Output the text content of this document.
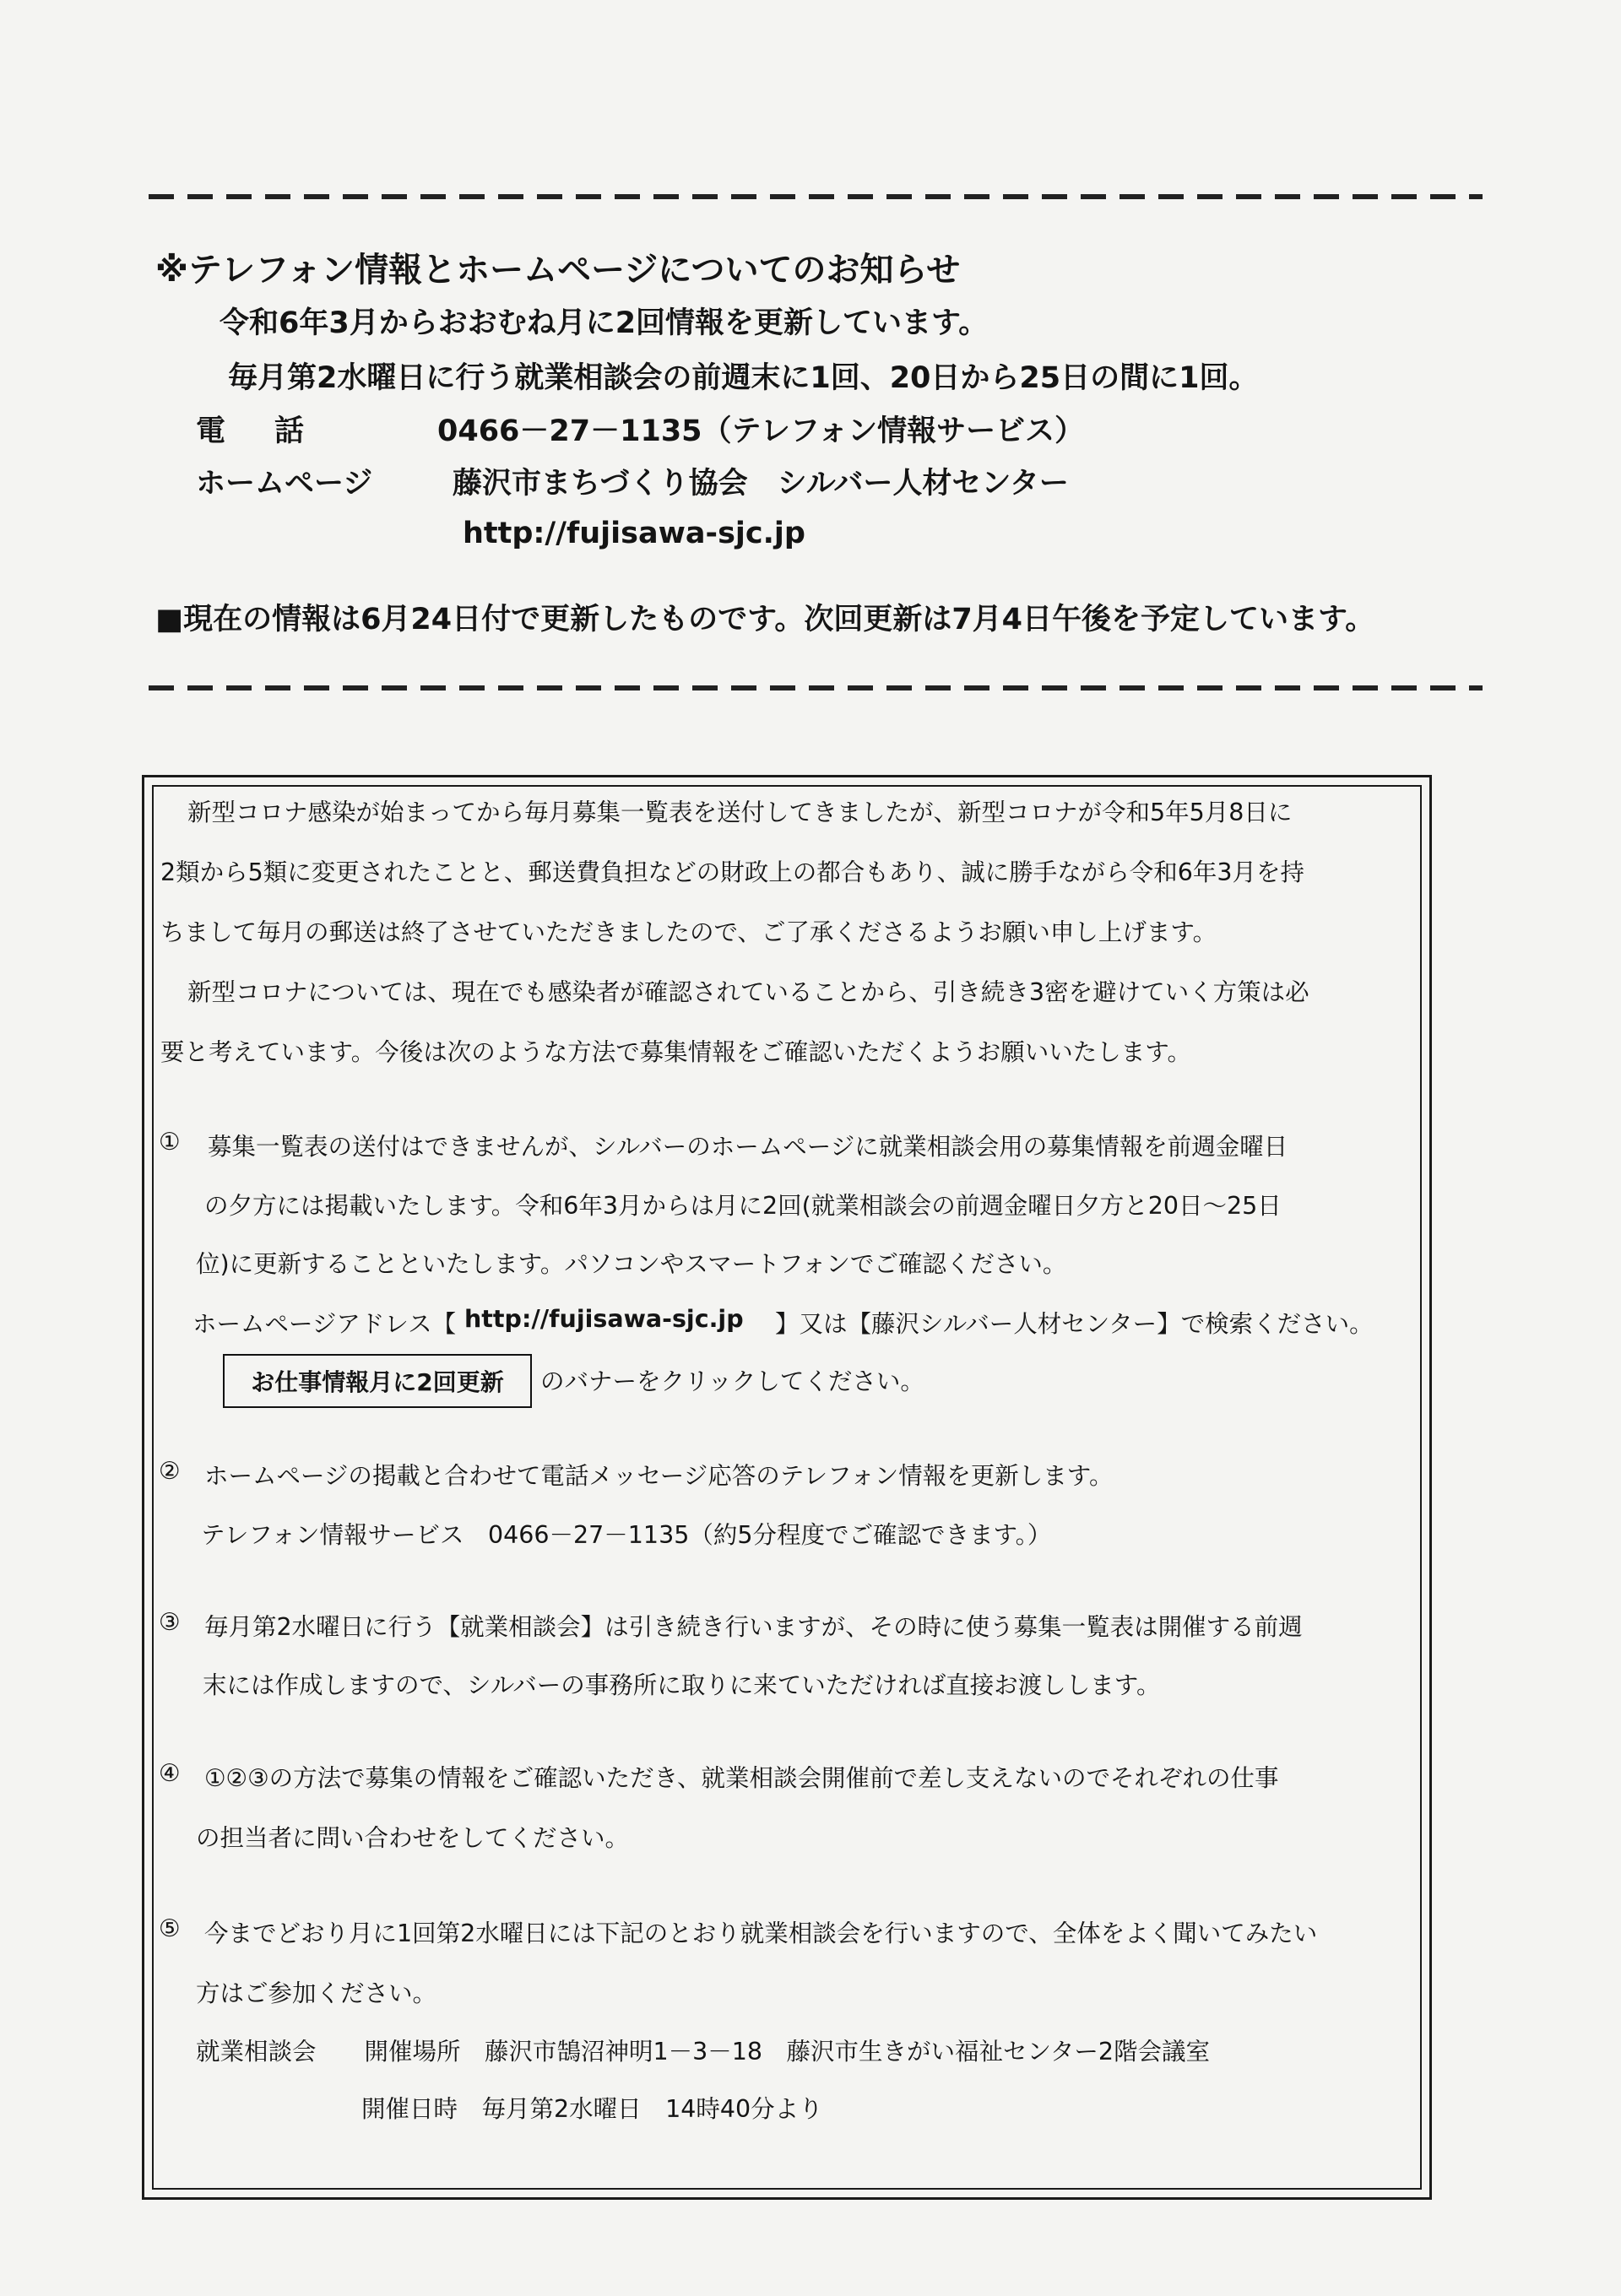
※テレフォン情報とホームページについてのお知らせ
令和6年3月からおおむね月に2回情報を更新しています。
毎月第2水曜日に行う就業相談会の前週末に1回、20日から25日の間に1回。
電話	0466－27－1135（テレフォン情報サービス）
ホームページ	藤沢市まちづくり協会　シルバー人材センター
http://fujisawa-sjc.jp
■現在の情報は6月24日付で更新したものです。次回更新は7月4日午後を予定しています。
新型コロナ感染が始まってから毎月募集一覧表を送付してきましたが、新型コロナが令和5年5月8日に
2類から5類に変更されたことと、郵送費負担などの財政上の都合もあり、誠に勝手ながら令和6年3月を持
ちまして毎月の郵送は終了させていただきましたので、ご了承くださるようお願い申し上げます。
新型コロナについては、現在でも感染者が確認されていることから、引き続き3密を避けていく方策は必
要と考えています。今後は次のような方法で募集情報をご確認いただくようお願いいたします。
① 募集一覧表の送付はできませんが、シルバーのホームページに就業相談会用の募集情報を前週金曜日
の夕方には掲載いたします。令和6年3月からは月に2回(就業相談会の前週金曜日夕方と20日～25日
位)に更新することといたします。パソコンやスマートフォンでご確認ください。
ホームページアドレス【 http://fujisawa-sjc.jp 】又は【藤沢シルバー人材センター】で検索ください。
お仕事情報月に2回更新	のバナーをクリックしてください。
② ホームページの掲載と合わせて電話メッセージ応答のテレフォン情報を更新します。
テレフォン情報サービス　0466－27－1135（約5分程度でご確認できます。）
③ 毎月第2水曜日に行う【就業相談会】は引き続き行いますが、その時に使う募集一覧表は開催する前週
末には作成しますので、シルバーの事務所に取りに来ていただければ直接お渡しします。
④ ①②③の方法で募集の情報をご確認いただき、就業相談会開催前で差し支えないのでそれぞれの仕事
の担当者に問い合わせをしてください。
⑤ 今までどおり月に1回第2水曜日には下記のとおり就業相談会を行いますので、全体をよく聞いてみたい
方はご参加ください。
就業相談会　　開催場所　藤沢市鵠沼神明1－3－18　藤沢市生きがい福祉センター2階会議室
開催日時　毎月第2水曜日　14時40分より
